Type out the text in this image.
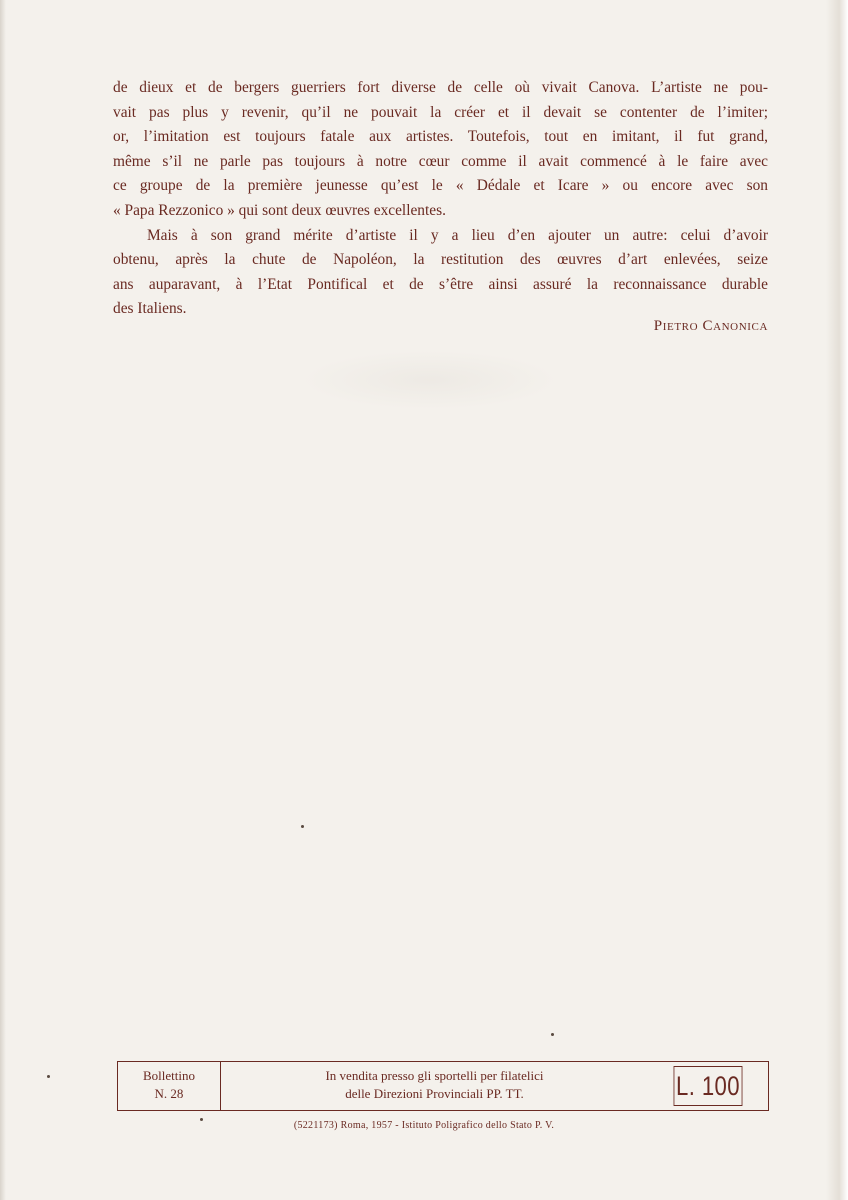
de dieux et de bergers guerriers fort diverse de celle où vivait Canova. L’artiste ne pou-
vait pas plus y revenir, qu’il ne pouvait la créer et il devait se contenter de l’imiter;
or, l’imitation est toujours fatale aux artistes. Toutefois, tout en imitant, il fut grand,
même s’il ne parle pas toujours à notre cœur comme il avait commencé à le faire avec
ce groupe de la première jeunesse qu’est le « Dédale et Icare » ou encore avec son
« Papa Rezzonico » qui sont deux œuvres excellentes.

Mais à son grand mérite d’artiste il y a lieu d’en ajouter un autre: celui d’avoir
obtenu, après la chute de Napoléon, la restitution des œuvres d’art enlevées, seize
ans auparavant, à l’Etat Pontifical et de s’être ainsi assuré la reconnaissance durable
des Italiens.

Pietro Canonica
Bollettino
N. 28
In vendita presso gli sportelli per filatelici
delle Direzioni Provinciali PP. TT.	L. 100
(5221173) Roma, 1957 - Istituto Poligrafico dello Stato P. V.
